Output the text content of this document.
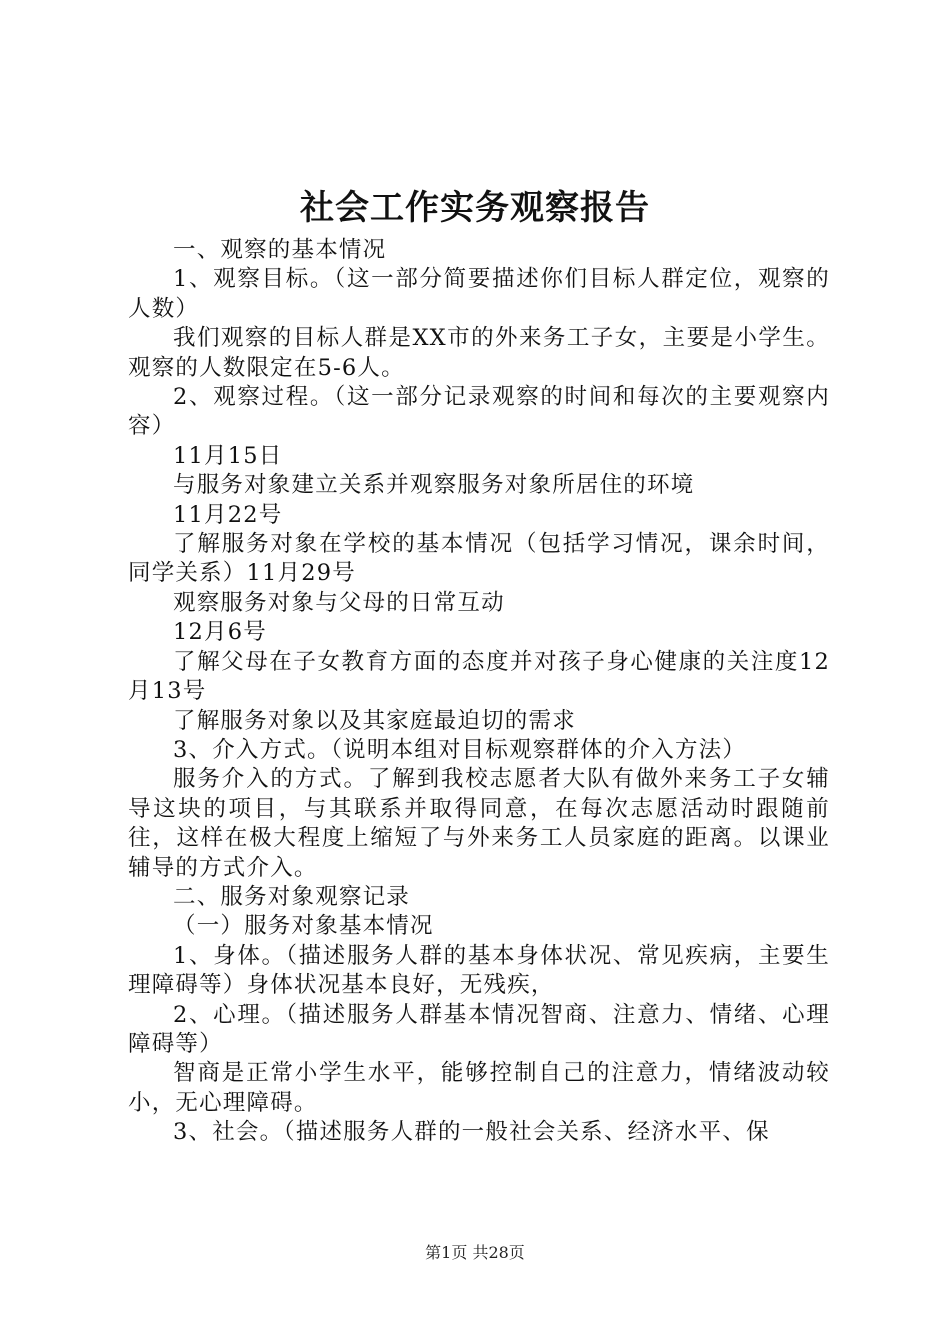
社会工作实务观察报告

一、观察的基本情况

1、观察目标。（这一部分简要描述你们目标人群定位，观察的人数）

我们观察的目标人群是XX市的外来务工子女，主要是小学生。观察的人数限定在5-6人。

2、观察过程。（这一部分记录观察的时间和每次的主要观察内容）

11月15日

与服务对象建立关系并观察服务对象所居住的环境

11月22号

了解服务对象在学校的基本情况（包括学习情况，课余时间，同学关系）11月29号

观察服务对象与父母的日常互动

12月6号

了解父母在子女教育方面的态度并对孩子身心健康的关注度12月13号

了解服务对象以及其家庭最迫切的需求

3、介入方式。（说明本组对目标观察群体的介入方法）

服务介入的方式。了解到我校志愿者大队有做外来务工子女辅导这块的项目，与其联系并取得同意，在每次志愿活动时跟随前往，这样在极大程度上缩短了与外来务工人员家庭的距离。以课业辅导的方式介入。

二、服务对象观察记录

（一）服务对象基本情况

1、身体。（描述服务人群的基本身体状况、常见疾病，主要生理障碍等）身体状况基本良好，无残疾，

2、心理。（描述服务人群基本情况智商、注意力、情绪、心理障碍等）

智商是正常小学生水平，能够控制自己的注意力，情绪波动较小，无心理障碍。

3、社会。（描述服务人群的一般社会关系、经济水平、保

第1页 共28页
